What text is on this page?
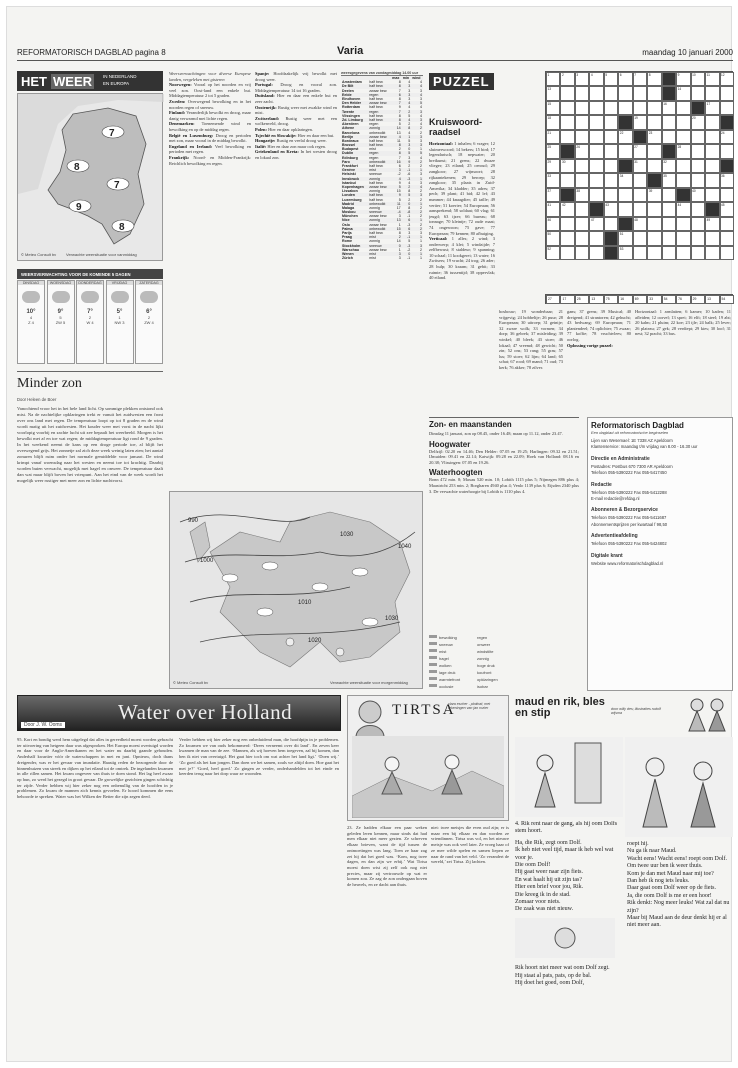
REFORMATORISCH DAGBLAD pagina 8	Varia	maandag 10 januari 2000
HET WEER	IN NEDERLAND
EN EUROPA
7
8
7
9
8
© Meteo Consult bv Verwachte weersituatie voor vanmiddag
WEERSVERWACHTING VOOR DE KOMENDE 5 DAGEN
DINSDAG
10°
4
Z 4
WOENSDAG
9°
5
ZW 5
DONDERDAG
7°
2
W 4
VRIJDAG
5°
1
NW 3
ZATERDAG
6°
2
ZW 4
Minder zon
Door Heleen de Boer
Vanochtend vroor het in het hele land licht. Op sommige plekken ontstond ook mist. Na de nachtelijke opklaringen trekt er vanuit het zuidwesten een front over ons land met regen. De temperatuur loopt op tot 8 graden en de wind wordt matig uit het zuidwesten. Het kouder weer met vorst in de nacht lijkt voorlopig voorbij en zachte lucht uit zee bepaalt het weerbeeld. Morgen is het bewolkt met af en toe wat regen; de middagtemperatuur ligt rond de 9 graden. In het weekend neemt de kans op een droge periode toe, al blijft het overwegend grijs. Het zonnetje zal zich deze week weinig laten zien; het aantal zonuren blijft ruim onder het normale gemiddelde voor januari. De wind krimpt vanaf woensdag naar het westen en neemt toe tot krachtig. Daarbij worden buien verwacht, mogelijk met hagel en onweer. De temperatuur daalt dan wat maar blijft boven het vriespunt. Aan het eind van de week wordt het mogelijk weer rustiger met meer zon en lichte nachtvorst.
Weersverwachtingen voor diverse Europese landen, vergeleken met gisteren
Noorwegen: Vooral op het noorden en vrij veel zon. Oost-land een enkele bui. Middagtemperatuur 2 tot 5 graden.
Zweden: Overwegend bewolking en in het noorden regen of sneeuw.
Finland: Veranderlijk bewolkt en droog, maar danig verwarmd met lichte regen.
Denemarken: Toenemende wind en bewolking en op de middag regen.
België en Luxemburg: Droog en perioden met zon, maar vooral in de middag bewolkt.
Engeland en Ierland: Veel bewolking en perioden met regen.
Frankrijk: Noord- en Midden-Frankrijk: Reichlich bewolking en regen.
Spanje: Hoofdzakelijk vrij bewolkt met droog weer.
Portugal: Droog en vooral zon. Middagtemperatuur 14 tot 16 graden.
Duitsland: Hier en daar een enkele bui en zeer zacht.
Oostenrijk: Rustig weer met zwakke wind en mist.
Zwitserland: Rustig weer met een wolkenveld, droog.
Polen: Hier en daar opklaringen.
Tsjechië en Slowakije: Hier en daar een bui.
Hongarije: Rustig en veelal droog weer.
Italië: Hier en daar zon maar ook regen.
Griekenland en Kreta: In het westen droog en lokaal zon.
weersgegevens van zondagmiddag 14.00 uur
		max	min	wind
Amsterdam	half bew.	8	4	4
De Bilt	half bew.	8	3	4
Deelen	zwaar bew.	7	3	3
Eelde	regen	6	3	4
Eindhoven	half bew.	8	3	3
Den Helder	zwaar bew.	7	4	5
Rotterdam	half bew.	9	4	4
Twente	regen	7	2	3
Vlissingen	half bew.	8	5	4
Zd. Limburg	half bew.	8	4	3
Aberdeen	regen	5	2	4
Athene	zonnig	14	8	2
Barcelona	onbewolkt	13	4	2
Berlijn	zwaar bew.	4	1	3
Bordeaux	half bew.	11	5	3
Brussel	half bew.	8	3	3
Budapest	mist	2	0	1
Dublin	regen	8	5	5
Edinburg	regen	7	3	4
Faro	onbewolkt	16	9	2
Frankfurt	half bew.	6	2	2
Genève	mist	3	-1	1
Helsinki	sneeuw	-2	-6	3
Innsbruck	zonnig	4	-3	1
Istanbul	half bew.	9	4	3
Kopenhagen	zwaar bew.	5	2	4
Lissabon	zonnig	15	8	2
Londen	half bew.	9	5	3
Luxemburg	half bew.	5	2	2
Madrid	onbewolkt	11	0	1
Malaga	zonnig	17	8	2
Moskou	sneeuw	-4	-8	2
München	zwaar bew.	3	-1	2
Nice	zonnig	13	6	1
Oslo	zwaar bew.	1	-3	2
Palma	onbewolkt	15	6	2
Parijs	half bew.	8	3	3
Praag	mist	2	-1	1
Rome	zonnig	14	5	1
Stockholm	sneeuw	0	-3	3
Warschau	zwaar bew.	1	-2	2
Wenen	mist	3	0	1
Zürich	mist	3	-1	1
990
1000
1010
1020
1030
1040
1030
© Meteo Consult bv	Verwachte weersituatie voor morgenmiddag
bewolking	regen
sneeuw	onweer
mist	windstilte
hagel	zonnig
wolken	hoge druk
lage druk	koufront
warmtefront	opklaringen
occlusie	isobar
PUZZEL
Kruiswoord-raadsel
Horizontaal: 1 inhalen; 6 vrager; 12 sluimerwoord; 14 bekers; 15 bird; 17 legendarisch; 18 nepwater; 20 breikunst; 21 grens; 22 dwaze vlieger; 23 eiland; 25 oeroud; 29 zangkoor; 27 wijnsoort; 28 rijkaantekenen; 29 beroep; 32 zangkoor; 35 plaats in Zuid-Amerika; 34 kladder; 35 adres; 37 pech; 39 plant; 41 bid; 42 lef; 43 nummer; 44 knaagdier; 45 taille; 49 vertier; 51 koerier; 54 Europeaan; 56 aansprekend; 58 soldaat; 60 vlag; 61 jeugd; 63 ijzer; 66 bureau; 68 tonnage; 70 kleintje; 72 oude maat; 74 ongewoon; 75 gave; 77 Europeaan; 79 kennen; 80 afbuiging.
Verticaal: 1 alles; 2 wind; 3 onderwerp; 4 klei; 5 windzijde; 7 zelfbewust; 8 staldeur; 9 spanning; 10 schaal; 11 kookgerei; 13 water; 16 Zwitsers; 19 vrucht; 24 trog; 26 ader; 28 hulp; 30 kraam; 31 gebit; 33 ruimte; 36 tussentijd; 38 oppervlak; 40 eiland.
bosbouw; 19 wonderbaar; 21 vrijgevig; 24 hobbeltje; 26 puur; 28 Europeaan; 30 uitroep; 31 geintje; 32 zware wolk; 33 vormen; 34 dorp; 36 gebrek; 37 misleiding; 39 winkel; 40 bleek; 43 stoer; 46 lokaal; 47 vreemd; 48 gewicht; 50 zin; 52 ons; 53 rang; 55 gras; 57 lus; 59 stoer; 62 lijm; 64 land; 65 schat; 67 rood; 69 mand; 71 oud; 73 kerk; 76 akker; 78 zilver.
gans; 37 grens; 39 Musical; 40 dreigend; 41 strantoren; 42 gehucht; 43 bedwang; 69 Europeaan; 71 plantendeel; 74 oplichter; 75 zwaar; 77 koffie; 78 vruchtvlees; 80 oorlog.
Oplossing vorige puzzel:
Horizontaal: 1 armlatten; 6 kamer; 10 kaden; 11 afleiden; 12 oorvel; 13 sprei; 16 elft; 18 steel; 19 abt; 20 kalm; 21 pluim; 22 koe; 23 ijle; 24 balk; 25 lever; 26 plateau; 27 gek; 28 verdiept; 29 kies; 30 loof; 31 nest; 32 pracht; 33 bus.
1	2	3	4	5	6	7	8	9	10	11	12
13	14
15	16	17
18	19	20
21	22	23	24
25	26	27	28
29	30	31	32
33	34	35	36
37	38	39	40
41	42	43	44	45
46	47	48	49
50	51
52	53
27	17	25	13	75	16	69	33	54	76	29	13	54
Zon- en maanstanden
Dinsdag 11 januari, zon op 08.45, onder 16.48; maan op 11.12, onder 23.47.
Hoogwater
Delfzijl: 02.20 en 14.46; Den Helder: 07.05 en 19.25; Harlingen: 09.32 en 21.51; IJmuiden: 09.41 en 22.14; Katwijk: 09.28 en 22.09; Hoek van Holland: 08.16 en 20.38; Vlissingen: 07.05 en 19.26.
Waterhoogten
Bonn 472 min. 8; Maxau 520 min. 10; Lobith 1115 plus 5; Nijmegen 886 plus 4; Maastricht 253 min. 2; Borgharen 4940 plus 4; Venlo 1139 plus 6; Eijsden 2340 plus 3. De verwachte waterhoogte bij Lobith is 1110 plus 4.
Reformatorisch Dagblad
Een dagblad uit reformatorische beginselen
Lijen van Wesemael: 1E 7338 AZ Apeldoorn
Klantenservice: maandag t/m vrijdag van 8.00 - 16.30 uur
Directie en Administratie
Postadres: Postbus 670 7300 AR Apeldoorn
Telefoon 055-5390222 Fax 055-5417450
Redactie
Telefoon 055-5390222 Fax 055-5412288
E-mail redactie@refdag.nl
Abonneren & Bezorgservice
Telefoon 055-5390222 Fax 055-5411687
Abonnementsprijzen per kwartaal f 98,50
Advertentieafdeling
Telefoon 055-5390222 Fax 055-5424802
Digitale krant
Website www.reformatorischdagblad.nl
Water over Holland
Door J. W. Ooms
95. Kort en bondig werd hem uitgelegd dat alles in gereedheid moest worden gebracht ter uitvoering van hetgeen daar was afgesproken. Het Europa moest overtuigd worden en daar voor de Anglo-Amerikanen en het water nu daarbij gaande gehouden. Anderhalf kwartier vóór de waterschappen in mei en juni. Opnieuw, doch thans dreigender, was er het gevaar van inundatie. Haastig reden de bezorgende door de binnenhuizen van streek en dijken op het eiland tot de omtrek. De ingelanden kwamen in alle rillen samen. Het kwam ongeveer van thuis te doen stond. Het lag heel zwaar op hun, zo werd het gezegd in groot gevaar. De growelijke gezichten gingen schichtig ter zijde. Verder hebben wij hier zeker nog een onbenullig van de hoofden in je problemen. Zo kwam de mannen zich kennis gevoelen. Er hoord kommen die eens behoorde te spreken. Water was het Wilken der Better die zijn zegen deed.
Verder hebben wij hier zeker nog een onbeduidend man, die hoofdpijn in je problemen. Zo kwamen we van ouds bekommerd: ‘Drees verneemt over dit land’. En zeven keer kwamen de man van de zee. ‘Mannen, als wij hoeven hem toegeven, zal bij komen, dan ben ik niet van overtuigd. Het gaat hier toch om wat achter het land ligt.’ ‘Doen wij.’ ‘Zo goed als het kan jongen. Dan doen we het samen, zoals we altijd doen. Hoe gaat het met je?’ ‘Goed, heel goed.’ Zo gingen ze verder, onderhandelden tot het einde en keerden terug naar het dorp waar ze woonden.
TIRTSA
clara escher - plotinal; met tekeningen van jan rozier
23. Ze hadden elkaar een paar weken geleden leren kennen, maar sinds dat had men elkaar niet meer gezien. Ze schreven elkaar brieven, want de tijd tussen de ontmoetingen was lang. Toen ze haar zag zei hij dat het goed was. ‘Kom, nog twee dagen, en dan zijn we erbij.’ Wat Tirtsa moest doen wist zij zelf ook nog niet precies, maar zij vertrouwde op wat er komen zou. Ze zag de zon ondergaan boven de heuvels, en ze dacht aan thuis.
niet: twee meisjes die even oud zijn; er is maar een bij elkaar en dan worden ze vriendinnen. Tirtsa was vol, en het nieuwe meisje was ook veel later. Ze vroeg haar of ze mee wilde spelen en samen liepen ze naar de rand van het veld. ‘Zo verandert de wereld,’ zei Tirtsa. Zij lachten.
maud en rik, bles en stip	door willy des; illustraties rudolf wijsma
4. Rik rent naar de gang, als hij oom Dolfs stem hoort.
Ha, die Rik, zegt oom Dolf.
Ik heb niet veel tijd, maar ik heb wel wat voor je.
Die oom Dolf!
Hij gaat weer naar zijn fiets.
En wat haalt hij uit zijn tas?
Hier een brief voor jou, Rik.
Die kreeg ik in de stad.
Zomaar voor niets.
De zaak was niet nieuw.
Rik hoort niet meer wat oom Dolf zegt.
Hij staat al pats, pats, op de bal.
Hij doet het goed, oom Dolf,
roept hij.
Nu ga ik naar Maud.
Wacht eens! Wacht eens! roept oom Dolf.
Om twee uur ben ik weer thuis.
Kom je dan met Maud naar mij toe?
Dan heb ik nog iets leuks.
Daar gaat oom Dolf weer op de fiets.
Ja, die oom Dolf is me er een hoor!
Rik denkt: Nog meer leuks! Wat zal dat nu zijn?
Maar bij Maud aan de deur denkt hij er al niet meer aan.
